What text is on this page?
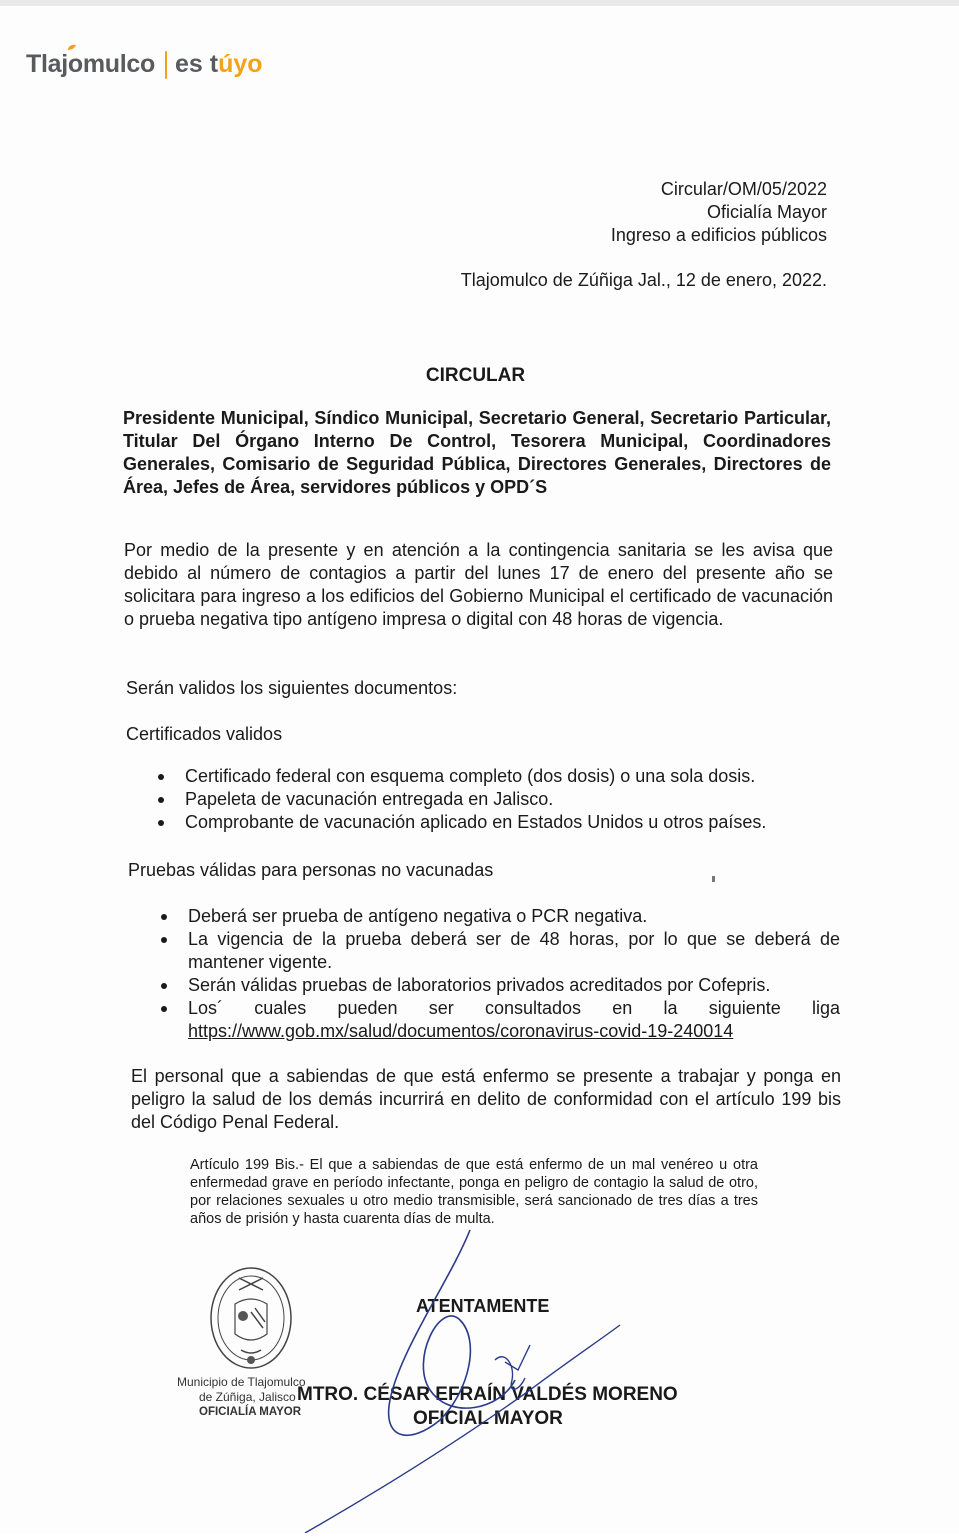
Tlajomulco es túyo
Circular/OM/05/2022
Oficialía Mayor
Ingreso a edificios públicos
Tlajomulco de Zúñiga Jal., 12 de enero, 2022.
CIRCULAR
Presidente Municipal, Síndico Municipal, Secretario General, Secretario Particular, Titular Del Órgano Interno De Control, Tesorera Municipal, Coordinadores Generales, Comisario de Seguridad Pública, Directores Generales, Directores de Área, Jefes de Área, servidores públicos y OPD´S
Por medio de la presente y en atención a la contingencia sanitaria se les avisa que debido al número de contagios a partir del lunes 17 de enero del presente año se solicitara para ingreso a los edificios del Gobierno Municipal el certificado de vacunación o prueba negativa tipo antígeno impresa o digital con 48 horas de vigencia.
Serán validos los siguientes documentos:
Certificados validos
Certificado federal con esquema completo (dos dosis) o una sola dosis.
Papeleta de vacunación entregada en Jalisco.
Comprobante de vacunación aplicado en Estados Unidos u otros países.
Pruebas válidas para personas no vacunadas
Deberá ser prueba de antígeno negativa o PCR negativa.
La vigencia de la prueba deberá ser de 48 horas, por lo que se deberá de mantener vigente.
Serán válidas pruebas de laboratorios privados acreditados por Cofepris.
Los´ cuales pueden ser consultados en la siguiente liga
https://www.gob.mx/salud/documentos/coronavirus-covid-19-240014
El personal que a sabiendas de que está enfermo se presente a trabajar y ponga en peligro la salud de los demás incurrirá en delito de conformidad con el artículo 199 bis del Código Penal Federal.
Artículo 199 Bis.- El que a sabiendas de que está enfermo de un mal venéreo u otra enfermedad grave en período infectante, ponga en peligro de contagio la salud de otro, por relaciones sexuales u otro medio transmisible, será sancionado de tres días a tres años de prisión y hasta cuarenta días de multa.
Municipio de Tlajomulco
de Zúñiga, Jalisco
OFICIALÍA MAYOR
ATENTAMENTE
MTRO. CÉSAR EFRAÍN VALDÉS MORENO
OFICIAL MAYOR
